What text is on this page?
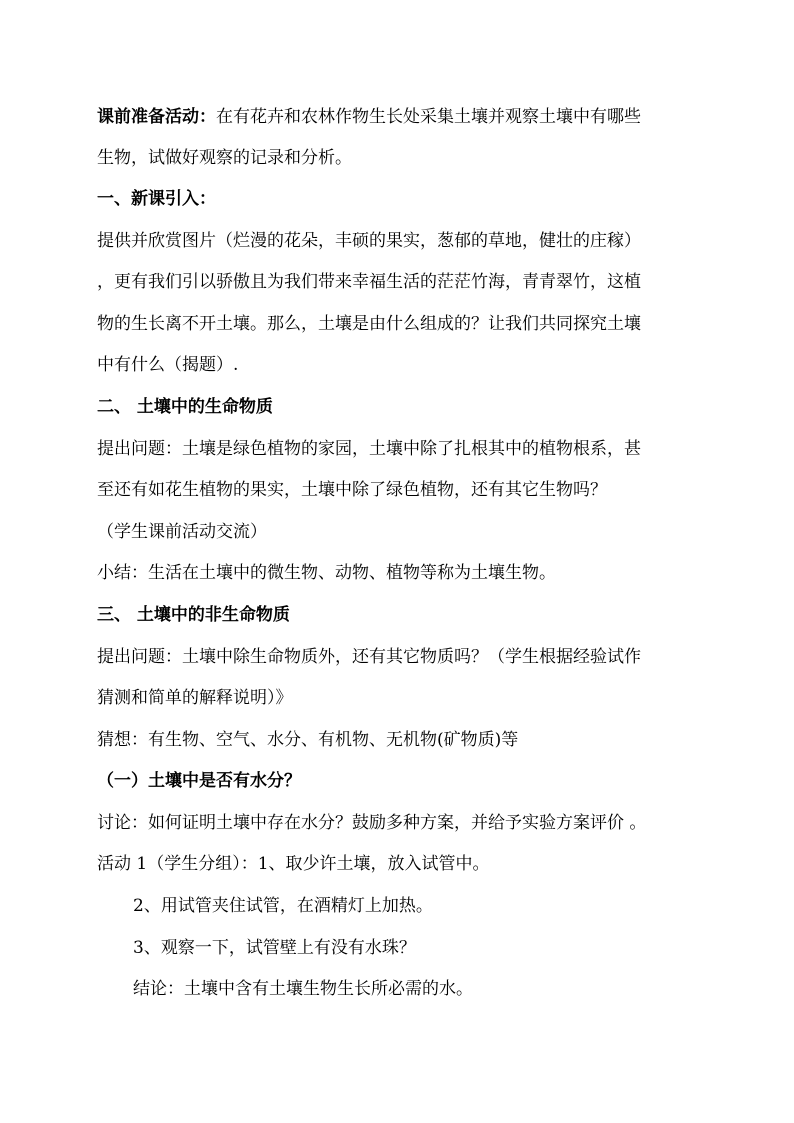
课前准备活动：在有花卉和农林作物生长处采集土壤并观察土壤中有哪些
生物，试做好观察的记录和分析。
一、新课引入：
提供并欣赏图片（烂漫的花朵，丰硕的果实，葱郁的草地，健壮的庄稼）
，更有我们引以骄傲且为我们带来幸福生活的茫茫竹海，青青翠竹，这植
物的生长离不开土壤。那么，土壤是由什么组成的？让我们共同探究土壤
中有什么（揭题）.
二、 土壤中的生命物质
提出问题：土壤是绿色植物的家园，土壤中除了扎根其中的植物根系，甚
至还有如花生植物的果实，土壤中除了绿色植物，还有其它生物吗？
（学生课前活动交流）
小结：生活在土壤中的微生物、动物、植物等称为土壤生物。
三、 土壤中的非生命物质
提出问题：土壤中除生命物质外，还有其它物质吗？（学生根据经验试作
猜测和简单的解释说明）》
猜想：有生物、空气、水分、有机物、无机物(矿物质)等
（一）土壤中是否有水分？
讨论：如何证明土壤中存在水分？鼓励多种方案，并给予实验方案评价 。
活动 1（学生分组）：1、取少许土壤，放入试管中。
2、用试管夹住试管，在酒精灯上加热。
3、观察一下，试管壁上有没有水珠？
结论：土壤中含有土壤生物生长所必需的水。
